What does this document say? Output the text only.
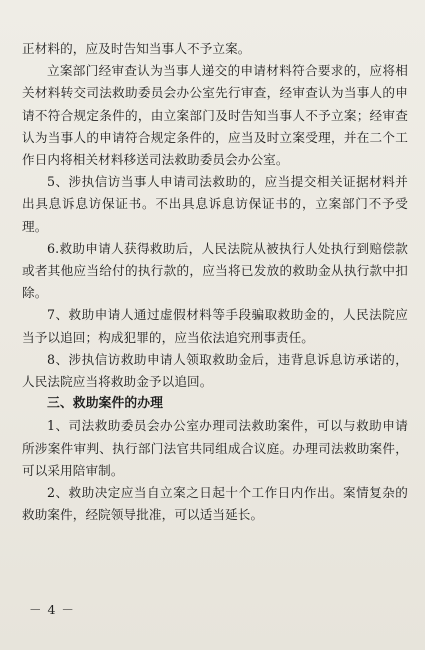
正材料的，应及时告知当事人不予立案。

立案部门经审查认为当事人递交的申请材料符合要求的，应将相关材料转交司法救助委员会办公室先行审查，经审查认为当事人的申请不符合规定条件的，由立案部门及时告知当事人不予立案；经审查认为当事人的申请符合规定条件的，应当及时立案受理，并在二个工作日内将相关材料移送司法救助委员会办公室。

5、涉执信访当事人申请司法救助的，应当提交相关证据材料并出具息诉息访保证书。不出具息诉息访保证书的，立案部门不予受理。

6.救助申请人获得救助后，人民法院从被执行人处执行到赔偿款或者其他应当给付的执行款的，应当将已发放的救助金从执行款中扣除。

7、救助申请人通过虚假材料等手段骗取救助金的，人民法院应当予以追回；构成犯罪的，应当依法追究刑事责任。

8、涉执信访救助申请人领取救助金后，违背息诉息访承诺的，人民法院应当将救助金予以追回。

三、救助案件的办理

1、司法救助委员会办公室办理司法救助案件，可以与救助申请所涉案件审判、执行部门法官共同组成合议庭。办理司法救助案件，可以采用陪审制。

2、救助决定应当自立案之日起十个工作日内作出。案情复杂的救助案件，经院领导批准，可以适当延长。

－ 4 －
